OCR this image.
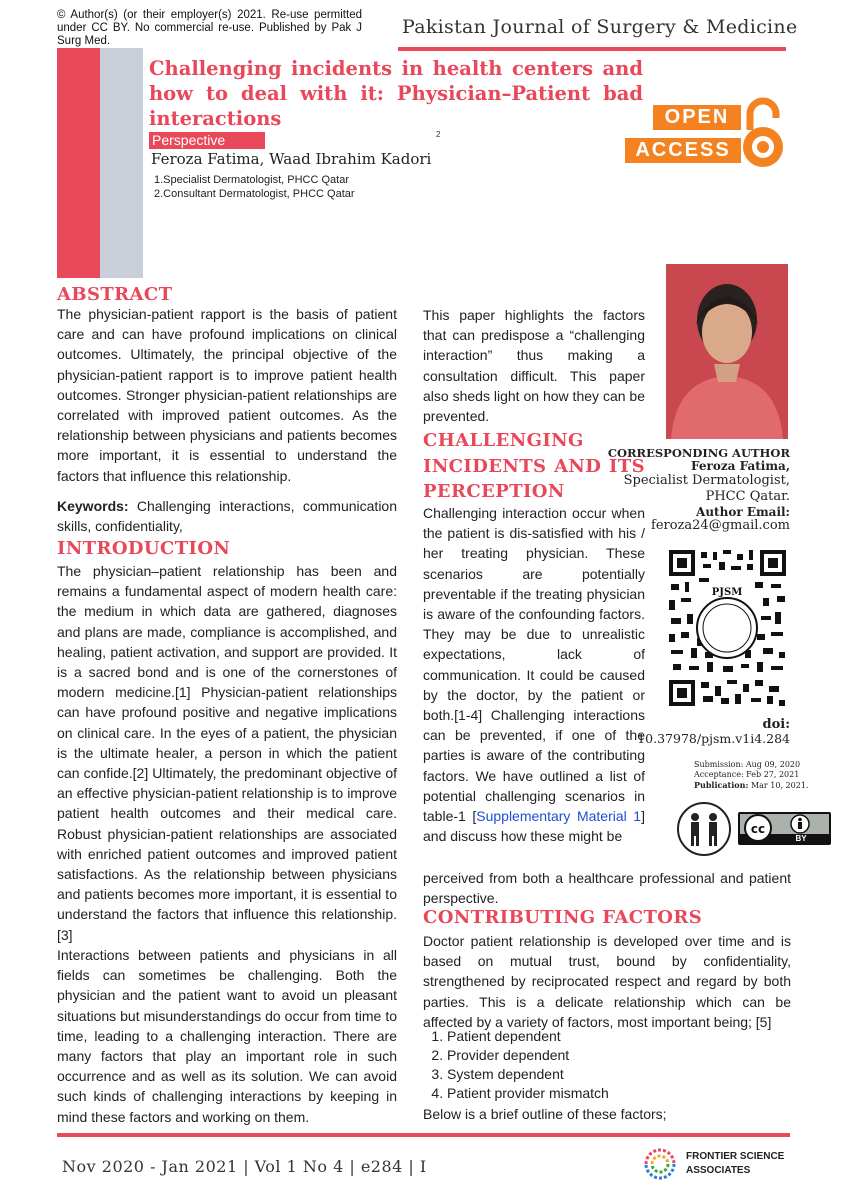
© Author(s) (or their employer(s) 2021. Re-use permitted under CC BY. No commercial re-use. Published by Pak J Surg Med.
Pakistan Journal of Surgery & Medicine
Challenging incidents in health centers and how to deal with it: Physician–Patient bad interactions
Perspective	2
Feroza Fatima, Waad Ibrahim Kadori
1.Specialist Dermatologist, PHCC Qatar
2.Consultant Dermatologist, PHCC Qatar
OPEN
ACCESS
ABSTRACT
The physician-patient rapport is the basis of patient care and can have profound implications on clinical outcomes. Ultimately, the principal objective of the physician-patient rapport is to improve patient health outcomes. Stronger physician-patient relationships are correlated with improved patient outcomes. As the relationship between physicians and patients becomes more important, it is essential to understand the factors that influence this relationship.
Keywords: Challenging interactions, communication skills, confidentiality,
INTRODUCTION
The physician–patient relationship has been and remains a fundamental aspect of modern health care: the medium in which data are gathered, diagnoses and plans are made, compliance is accomplished, and healing, patient activation, and support are provided. It is a sacred bond and is one of the cornerstones of modern medicine.[1] Physician-patient relationships can have profound positive and negative implications on clinical care. In the eyes of a patient, the physician is the ultimate healer, a person in which the patient can confide.[2] Ultimately, the predominant objective of an effective physician-patient relationship is to improve patient health outcomes and their medical care. Robust physician-patient relationships are associated with enriched patient outcomes and improved patient satisfactions. As the relationship between physicians and patients becomes more important, it is essential to understand the factors that influence this relationship.[3]
Interactions between patients and physicians in all fields can sometimes be challenging. Both the physician and the patient want to avoid un pleasant situations but misunderstandings do occur from time to time, leading to a challenging interaction. There are many factors that play an important role in such occurrence and as well as its solution. We can avoid such kinds of challenging interactions by keeping in mind these factors and working on them.
This paper highlights the factors that can predispose a “challenging interaction” thus making a consultation difficult. This paper also sheds light on how they can be prevented.
CHALLENGING INCIDENTS AND ITS PERCEPTION
Challenging interaction occur when the patient is dis-satisfied with his / her treating physician. These scenarios are potentially preventable if the treating physician is aware of the confounding factors. They may be due to unrealistic expectations, lack of communication. It could be caused by the doctor, by the patient or both.[1-4] Challenging interactions can be prevented, if one of the parties is aware of the contributing factors. We have outlined a list of potential challenging scenarios in table-1 [Supplementary Material 1] and discuss how these might be
perceived from both a healthcare professional and patient perspective.
CONTRIBUTING FACTORS
Doctor patient relationship is developed over time and is based on mutual trust, bound by confidentiality, strengthened by reciprocated respect and regard by both parties. This is a delicate relationship which can be affected by a variety of factors, most important being; [5]
1. Patient dependent
2. Provider dependent
3. System dependent
4. Patient provider mismatch
Below is a brief outline of these factors;
CORRESPONDING AUTHOR
Feroza Fatima,
Specialist Dermatologist,
PHCC Qatar.
Author Email:
feroza24@gmail.com
PJSM
doi:
10.37978/pjsm.v1i4.284
Submission: Aug 09, 2020
Acceptance: Feb 27, 2021
Publication: Mar 10, 2021.
cc
BY
Nov 2020 - Jan 2021 | Vol 1 No 4 | e284 | I
FRONTIER SCIENCE
ASSOCIATES
